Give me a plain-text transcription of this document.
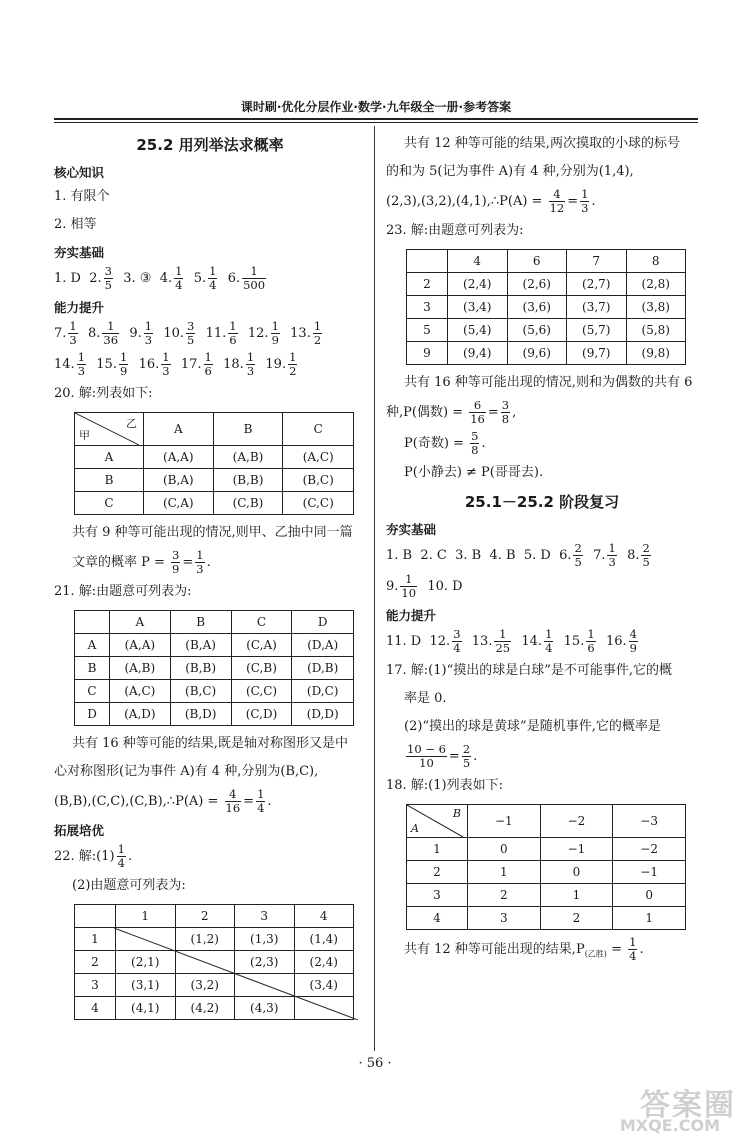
课时刷·优化分层作业·数学·九年级全一册·参考答案
25.2 用列举法求概率
核心知识
1. 有限个
2. 相等
夯实基础
1. D 2. $\frac{3}{5} 3$. ③ 4. $\frac{1}{4} 5$. $\frac{1}{4} 6$. $\frac{1}{500}$
能力提升
7. $\frac{1}{3} 8$. $\frac{1}{36} 9$. $\frac{1}{3} 10$. $\frac{3}{5} 11$. $\frac{1}{6} 12$. $\frac{1}{9} 13$. $\frac{1}{2}$
14. $\frac{1}{3} 15$. $\frac{1}{9} 16$. $\frac{1}{3} 17$. $\frac{1}{6} 18$. $\frac{1}{3} 19$. $\frac{1}{2}$
20. 解:列表如下:
乙
甲	A	B	C
A	(A,A)	(A,B)	(A,C)
B	(B,A)	(B,B)	(B,C)
C	(C,A)	(C,B)	(C,C)
共有 9 种等可能出现的情况,则甲、乙抽中同一篇
文章的概率 $P = \frac{3}{9} = \frac{1}{3}$ .
21. 解:由题意可列表为:
	A	B	C	D
A	(A,A)	(B,A)	(C,A)	(D,A)
B	(A,B)	(B,B)	(C,B)	(D,B)
C	(A,C)	(B,C)	(C,C)	(D,C)
D	(A,D)	(B,D)	(C,D)	(D,D)
共有 16 种等可能的结果,既是轴对称图形又是中
心对称图形(记为事件 A)有 4 种,分别为(B,C),
(B,B),(C,C),(C,B),∴P(A) = $\frac{4}{16} = \frac{1}{4}$ .
拓展培优
22. 解:(1) $\frac{1}{4}$ .
(2)由题意可列表为:
	1	2	3	4
1		(1,2)	(1,3)	(1,4)
2	(2,1)		(2,3)	(2,4)
3	(3,1)	(3,2)		(3,4)
4	(4,1)	(4,2)	(4,3)	
共有 12 种等可能的结果,两次摸取的小球的标号
的和为 5(记为事件 A)有 4 种,分别为(1,4),
(2,3),(3,2),(4,1),∴P(A) = $\frac{4}{12} = \frac{1}{3}$ .
23. 解:由题意可列表为:
	4	6	7	8
2	(2,4)	(2,6)	(2,7)	(2,8)
3	(3,4)	(3,6)	(3,7)	(3,8)
5	(5,4)	(5,6)	(5,7)	(5,8)
9	(9,4)	(9,6)	(9,7)	(9,8)
共有 16 种等可能出现的情况,则和为偶数的共有 6
种,P(偶数) = $\frac{6}{16} = \frac{3}{8}$ ,
P(奇数) = $\frac{5}{8}$ .
P(小静去) ≠ P(哥哥去).
25.1－25.2 阶段复习
夯实基础
1. B 2. C 3. B 4. B 5. D 6. $\frac{2}{5} 7$. $\frac{1}{3} 8$. $\frac{2}{5}$
9. $\frac{1}{10} 10$. D
能力提升
11. D 12. $\frac{3}{4} 13$. $\frac{1}{25} 14$. $\frac{1}{4} 15$. $\frac{1}{6} 16$. $\frac{4}{9}$
17. 解:(1)“摸出的球是白球”是不可能事件,它的概
率是 0.
(2)“摸出的球是黄球”是随机事件,它的概率是
$\frac{10 - 6}{10} = \frac{2}{5}$ .
18. 解:(1)列表如下:
B
A	−1	−2	−3
1	0	−1	−2
2	1	0	−1
3	2	1	0
4	3	2	1
共有 12 种等可能出现的结果$,P_{(乙胜)} = \frac{1}{4}$ .
· 56 ·
答案圈
MXQE.COM
